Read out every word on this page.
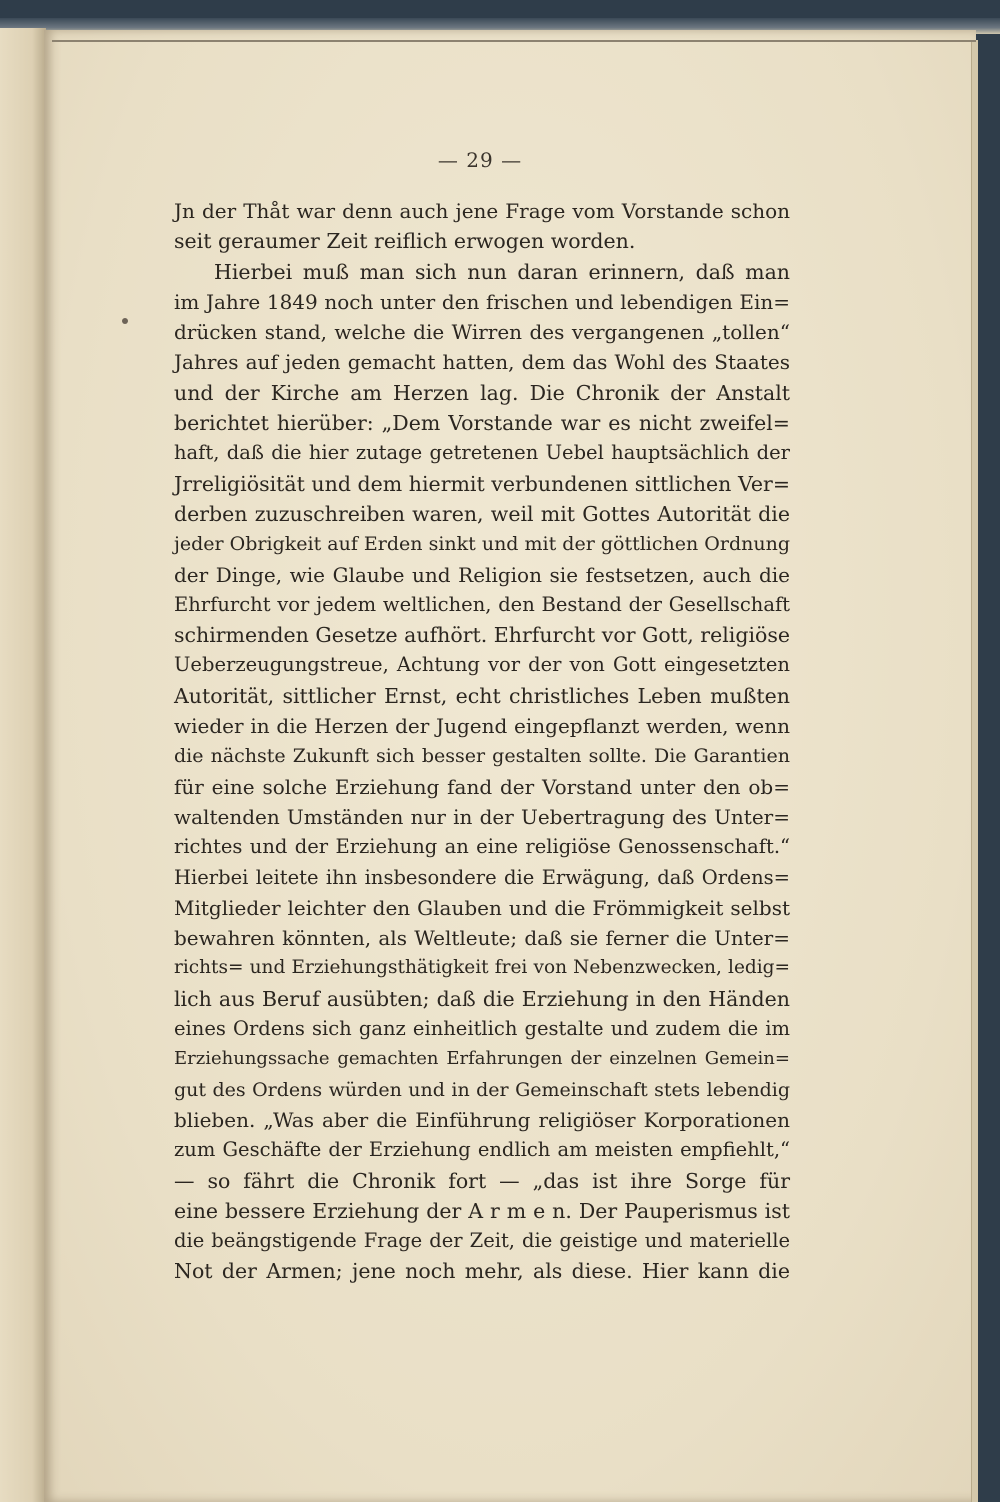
— 29 —
Jn der Thåt war denn auch jene Frage vom Vorstande schon
seit geraumer Zeit reiflich erwogen worden.
Hierbei muß man sich nun daran erinnern, daß man
im Jahre 1849 noch unter den frischen und lebendigen Ein=
drücken stand, welche die Wirren des vergangenen „tollen“
Jahres auf jeden gemacht hatten, dem das Wohl des Staates
und der Kirche am Herzen lag. Die Chronik der Anstalt
berichtet hierüber: „Dem Vorstande war es nicht zweifel=
haft, daß die hier zutage getretenen Uebel hauptsächlich der
Jrreligiösität und dem hiermit verbundenen sittlichen Ver=
derben zuzuschreiben waren, weil mit Gottes Autorität die
jeder Obrigkeit auf Erden sinkt und mit der göttlichen Ordnung
der Dinge, wie Glaube und Religion sie festsetzen, auch die
Ehrfurcht vor jedem weltlichen, den Bestand der Gesellschaft
schirmenden Gesetze aufhört. Ehrfurcht vor Gott, religiöse
Ueberzeugungstreue, Achtung vor der von Gott eingesetzten
Autorität, sittlicher Ernst, echt christliches Leben mußten
wieder in die Herzen der Jugend eingepflanzt werden, wenn
die nächste Zukunft sich besser gestalten sollte. Die Garantien
für eine solche Erziehung fand der Vorstand unter den ob=
waltenden Umständen nur in der Uebertragung des Unter=
richtes und der Erziehung an eine religiöse Genossenschaft.“
Hierbei leitete ihn insbesondere die Erwägung, daß Ordens=
Mitglieder leichter den Glauben und die Frömmigkeit selbst
bewahren könnten, als Weltleute; daß sie ferner die Unter=
richts= und Erziehungsthätigkeit frei von Nebenzwecken, ledig=
lich aus Beruf ausübten; daß die Erziehung in den Händen
eines Ordens sich ganz einheitlich gestalte und zudem die im
Erziehungssache gemachten Erfahrungen der einzelnen Gemein=
gut des Ordens würden und in der Gemeinschaft stets lebendig
blieben. „Was aber die Einführung religiöser Korporationen
zum Geschäfte der Erziehung endlich am meisten empfiehlt,“
— so fährt die Chronik fort — „das ist ihre Sorge für
eine bessere Erziehung der A r m e n. Der Pauperismus ist
die beängstigende Frage der Zeit, die geistige und materielle
Not der Armen; jene noch mehr, als diese. Hier kann die
